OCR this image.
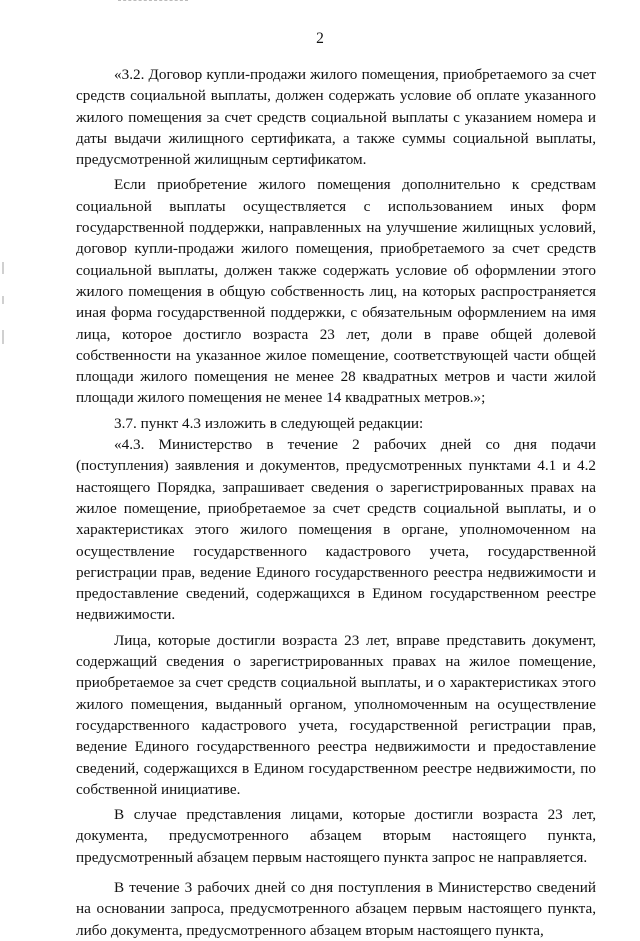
2

«3.2. Договор купли-продажи жилого помещения, приобретаемого за счет средств социальной выплаты, должен содержать условие об оплате указанного жилого помещения за счет средств социальной выплаты с указанием номера и даты выдачи жилищного сертификата, а также суммы социальной выплаты, предусмотренной жилищным сертификатом.

Если приобретение жилого помещения дополнительно к средствам социальной выплаты осуществляется с использованием иных форм государственной поддержки, направленных на улучшение жилищных условий, договор купли-продажи жилого помещения, приобретаемого за счет средств социальной выплаты, должен также содержать условие об оформлении этого жилого помещения в общую собственность лиц, на которых распространяется иная форма государственной поддержки, с обязательным оформлением на имя лица, которое достигло возраста 23 лет, доли в праве общей долевой собственности на указанное жилое помещение, соответствующей части общей площади жилого помещения не менее 28 квадратных метров и части жилой площади жилого помещения не менее 14 квадратных метров.»;

3.7. пункт 4.3 изложить в следующей редакции:

«4.3. Министерство в течение 2 рабочих дней со дня подачи (поступления) заявления и документов, предусмотренных пунктами 4.1 и 4.2 настоящего Порядка, запрашивает сведения о зарегистрированных правах на жилое помещение, приобретаемое за счет средств социальной выплаты, и о характеристиках этого жилого помещения в органе, уполномоченном на осуществление государственного кадастрового учета, государственной регистрации прав, ведение Единого государственного реестра недвижимости и предоставление сведений, содержащихся в Едином государственном реестре недвижимости.

Лица, которые достигли возраста 23 лет, вправе представить документ, содержащий сведения о зарегистрированных правах на жилое помещение, приобретаемое за счет средств социальной выплаты, и о характеристиках этого жилого помещения, выданный органом, уполномоченным на осуществление государственного кадастрового учета, государственной регистрации прав, ведение Единого государственного реестра недвижимости и предоставление сведений, содержащихся в Едином государственном реестре недвижимости, по собственной инициативе.

В случае представления лицами, которые достигли возраста 23 лет, документа, предусмотренного абзацем вторым настоящего пункта, предусмотренный абзацем первым настоящего пункта запрос не направляется.

В течение 3 рабочих дней со дня поступления в Министерство сведений на основании запроса, предусмотренного абзацем первым настоящего пункта, либо документа, предусмотренного абзацем вторым настоящего пункта,
